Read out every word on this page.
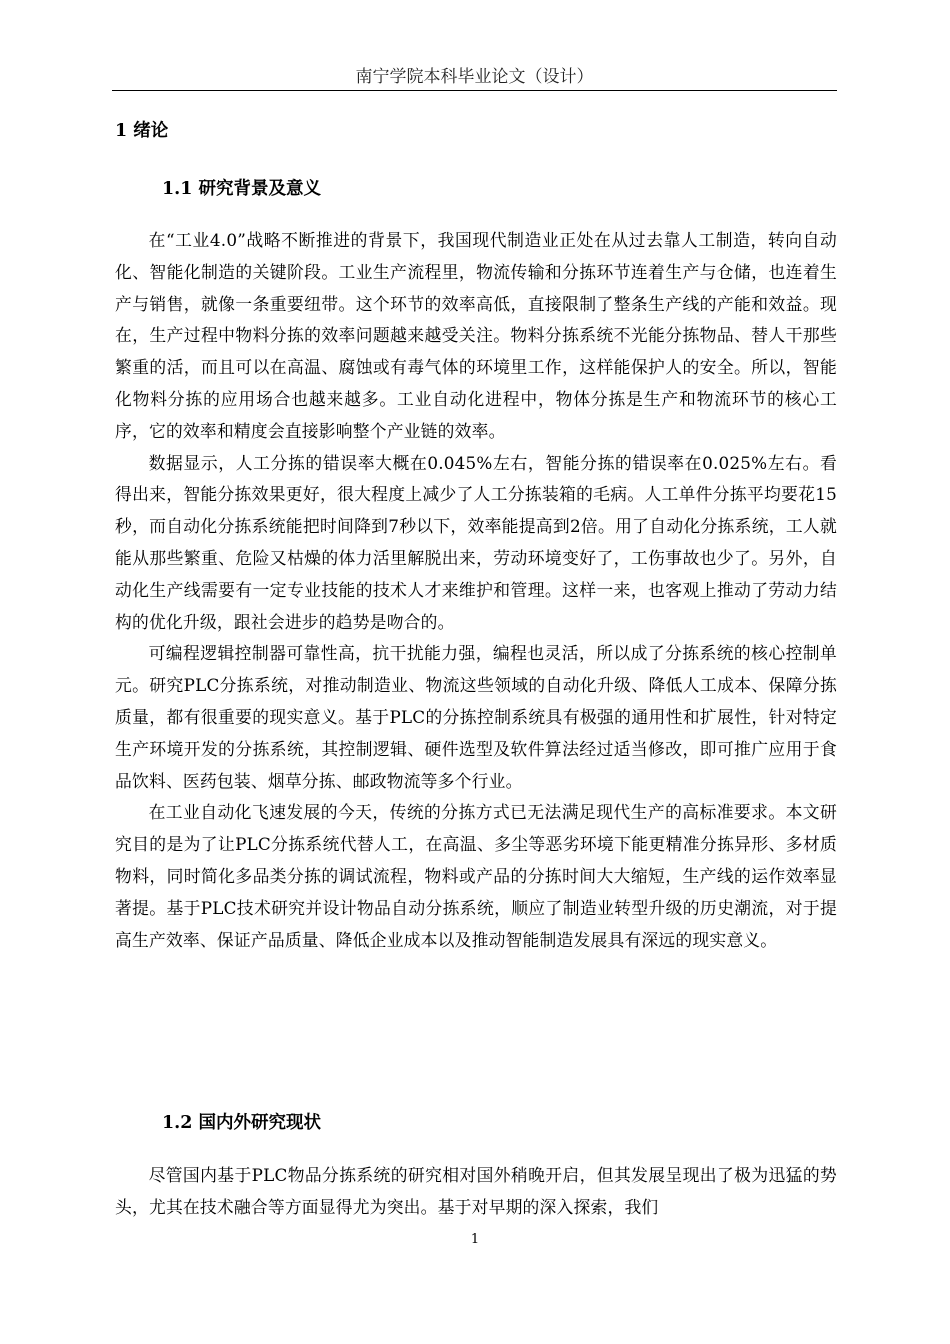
南宁学院本科毕业论文（设计）
1 绪论
1.1 研究背景及意义

在“工业4.0”战略不断推进的背景下，我国现代制造业正处在从过去靠人工制造，转向自动化、智能化制造的关键阶段。工业生产流程里，物流传输和分拣环节连着生产与仓储，也连着生产与销售，就像一条重要纽带。这个环节的效率高低，直接限制了整条生产线的产能和效益。现在，生产过程中物料分拣的效率问题越来越受关注。物料分拣系统不光能分拣物品、替人干那些繁重的活，而且可以在高温、腐蚀或有毒气体的环境里工作，这样能保护人的安全。所以，智能化物料分拣的应用场合也越来越多。工业自动化进程中，物体分拣是生产和物流环节的核心工序，它的效率和精度会直接影响整个产业链的效率。

数据显示，人工分拣的错误率大概在0.045%左右，智能分拣的错误率在0.025%左右。看得出来，智能分拣效果更好，很大程度上减少了人工分拣装箱的毛病。人工单件分拣平均要花15秒，而自动化分拣系统能把时间降到7秒以下，效率能提高到2倍。用了自动化分拣系统，工人就能从那些繁重、危险又枯燥的体力活里解脱出来，劳动环境变好了，工伤事故也少了。另外，自动化生产线需要有一定专业技能的技术人才来维护和管理。这样一来，也客观上推动了劳动力结构的优化升级，跟社会进步的趋势是吻合的。

可编程逻辑控制器可靠性高，抗干扰能力强，编程也灵活，所以成了分拣系统的核心控制单元。研究PLC分拣系统，对推动制造业、物流这些领域的自动化升级、降低人工成本、保障分拣质量，都有很重要的现实意义。基于PLC的分拣控制系统具有极强的通用性和扩展性，针对特定生产环境开发的分拣系统，其控制逻辑、硬件选型及软件算法经过适当修改，即可推广应用于食品饮料、医药包装、烟草分拣、邮政物流等多个行业。

在工业自动化飞速发展的今天，传统的分拣方式已无法满足现代生产的高标准要求。本文研究目的是为了让PLC分拣系统代替人工，在高温、多尘等恶劣环境下能更精准分拣异形、多材质物料，同时简化多品类分拣的调试流程，物料或产品的分拣时间大大缩短，生产线的运作效率显著提。基于PLC技术研究并设计物品自动分拣系统，顺应了制造业转型升级的历史潮流，对于提高生产效率、保证产品质量、降低企业成本以及推动智能制造发展具有深远的现实意义。

1.2 国内外研究现状

尽管国内基于PLC物品分拣系统的研究相对国外稍晚开启，但其发展呈现出了极为迅猛的势头，尤其在技术融合等方面显得尤为突出。基于对早期的深入探索，我们

1
